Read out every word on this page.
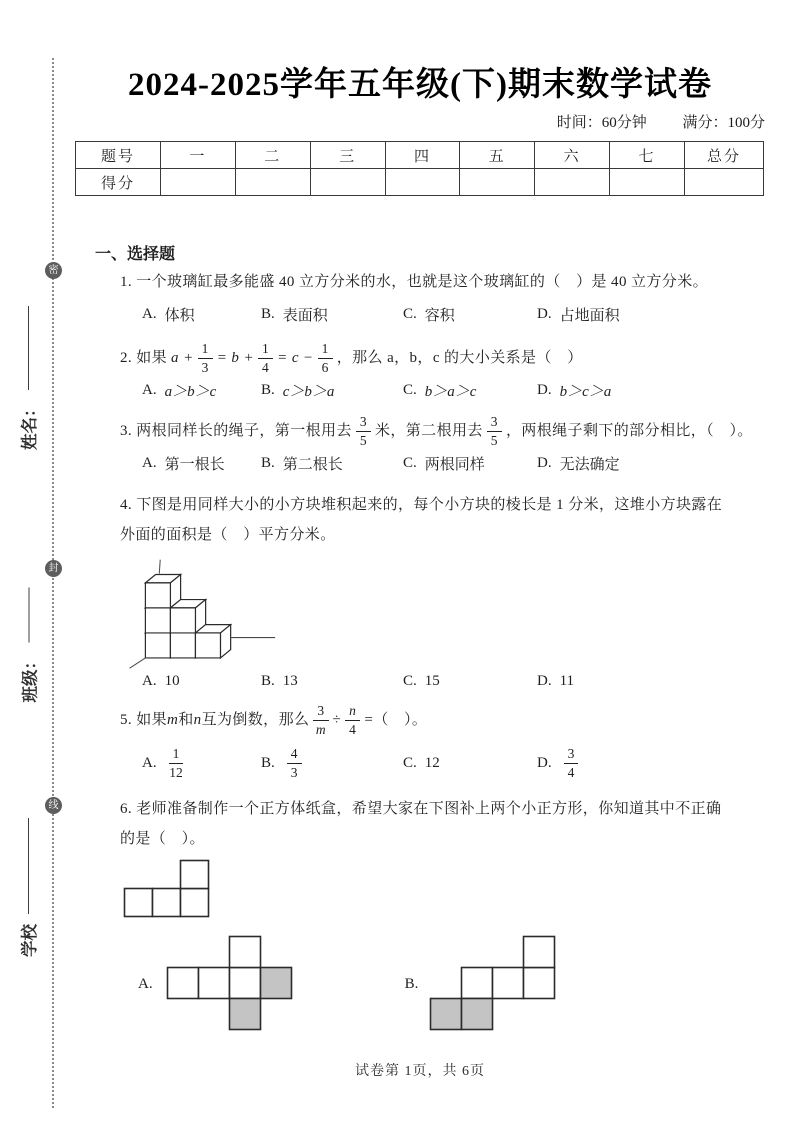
密
封
线
姓名：
班级：
学校
2024-2025学年五年级(下)期末数学试卷
时间：60分钟 满分：100分
题号	一	二	三	四	五	六	七	总分
得分								
一、选择题
1. 一个玻璃缸最多能盛 40 立方分米的水，也就是这个玻璃缸的（　）是 40 立方分米。
A. 体积	B. 表面积	C. 容积	D. 占地面积
2. 如果 $a + \frac{1}{3} = b + \frac{1}{4} = c - \frac{1}{6}$ ，那么 a，b，c 的大小关系是（　）
A. a＞b＞c	B. c＞b＞a	C. b＞a＞c	D. b＞c＞a
3. 两根同样长的绳子，第一根用去 $\frac{3}{5}$ 米，第二根用去 $\frac{3}{5}$ ，两根绳子剩下的部分相比，（　）。
A. 第一根长 B. 第二根长	C. 两根同样	D. 无法确定
4. 下图是用同样大小的小方块堆积起来的，每个小方块的棱长是 1 分米，这堆小方块露在
外面的面积是（　）平方分米。
A. 10	B. 13	C. 15	D. 11
5. 如果 m 和 n 互为倒数，那么 $\frac{3}{m} \div \frac{n}{4}$ =（　）。
A. $\frac{1}{12}$	B. $\frac{4}{3}$	C. 12	D. $\frac{3}{4}$
6. 老师准备制作一个正方体纸盒，希望大家在下图补上两个小正方形，你知道其中不正确
的是（　）。
A.	B.
试卷第 1页，共 6页
